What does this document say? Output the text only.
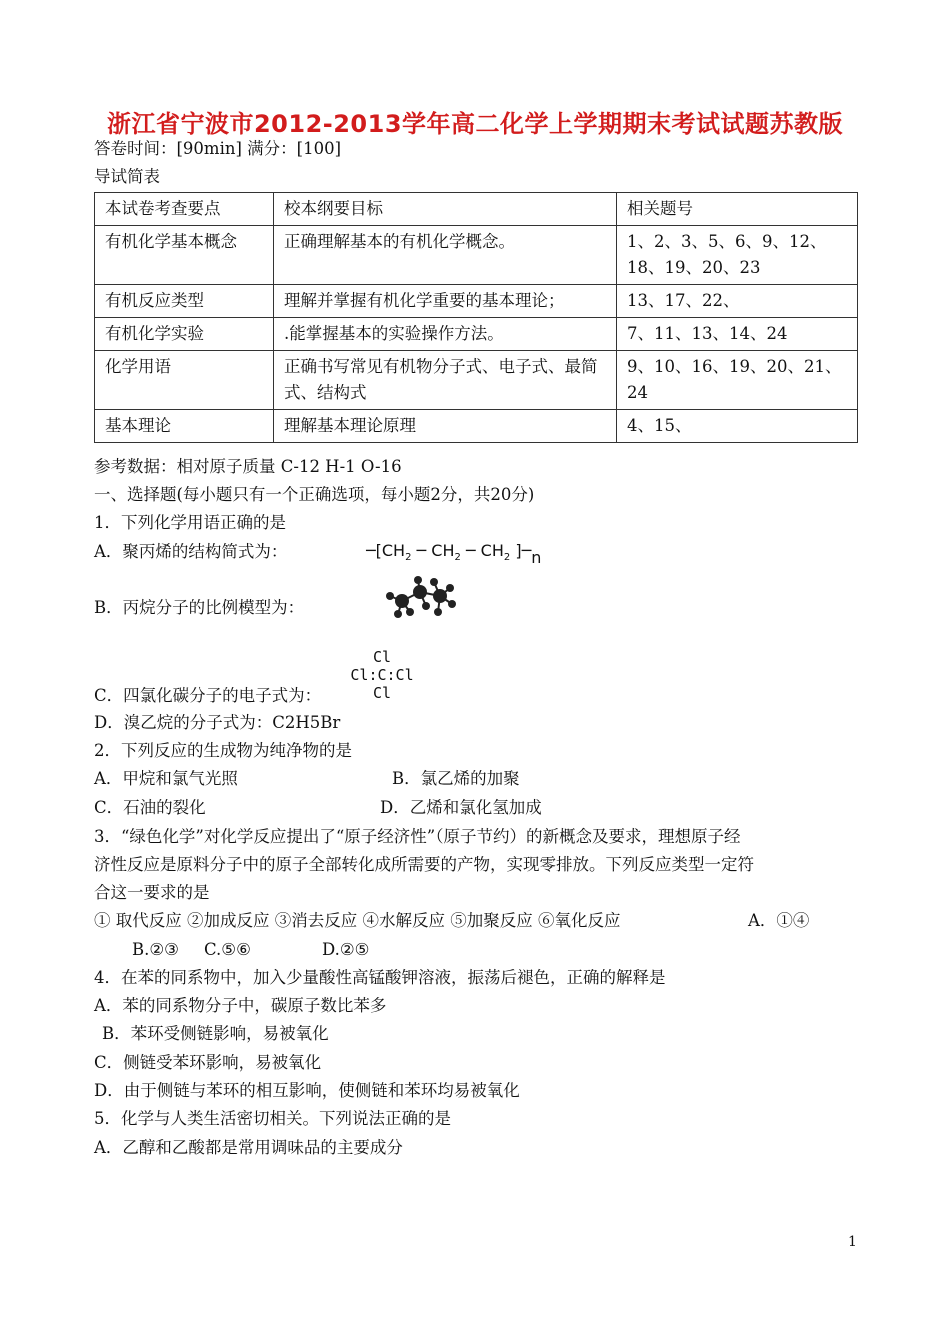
浙江省宁波市2012-2013学年高二化学上学期期末考试试题苏教版
答卷时间：[90min] 满分：[100]
导试简表
本试卷考查要点	校本纲要目标	相关题号
有机化学基本概念	正确理解基本的有机化学概念。	1、2、3、5、6、9、12、18、19、20、23
有机反应类型	理解并掌握有机化学重要的基本理论；	13、17、22、
有机化学实验	.能掌握基本的实验操作方法。	7、11、13、14、24
化学用语	正确书写常见有机物分子式、电子式、最简式、结构式	9、10、16、19、20、21、24
基本理论	理解基本理论原理	4、15、
参考数据：相对原子质量 C-12 H-1 O-16
一、选择题(每小题只有一个正确选项，每小题2分，共20分)
1．下列化学用语正确的是
A．聚丙烯的结构简式为：	$─[CH_2$ ─ $CH_2$ ─ $CH_2$ ]─n
B．丙烷分子的比例模型为：
C．四氯化碳分子的电子式为：
Cl
Cl:C:Cl
Cl
D．溴乙烷的分子式为：C2H5Br
2．下列反应的生成物为纯净物的是
A．甲烷和氯气光照	B．氯乙烯的加聚
C．石油的裂化	D．乙烯和氯化氢加成
3．“绿色化学”对化学反应提出了“原子经济性”（原子节约）的新概念及要求，理想原子经
济性反应是原料分子中的原子全部转化成所需要的产物，实现零排放。下列反应类型一定符
合这一要求的是
① 取代反应 ②加成反应 ③消去反应 ④水解反应 ⑤加聚反应 ⑥氧化反应	A．①④
B.②③ C.⑤⑥	D.②⑤
4．在苯的同系物中，加入少量酸性高锰酸钾溶液，振荡后褪色，正确的解释是
A．苯的同系物分子中，碳原子数比苯多
B．苯环受侧链影响，易被氧化
C．侧链受苯环影响，易被氧化
D．由于侧链与苯环的相互影响，使侧链和苯环均易被氧化
5．化学与人类生活密切相关。下列说法正确的是
A．乙醇和乙酸都是常用调味品的主要成分
1
